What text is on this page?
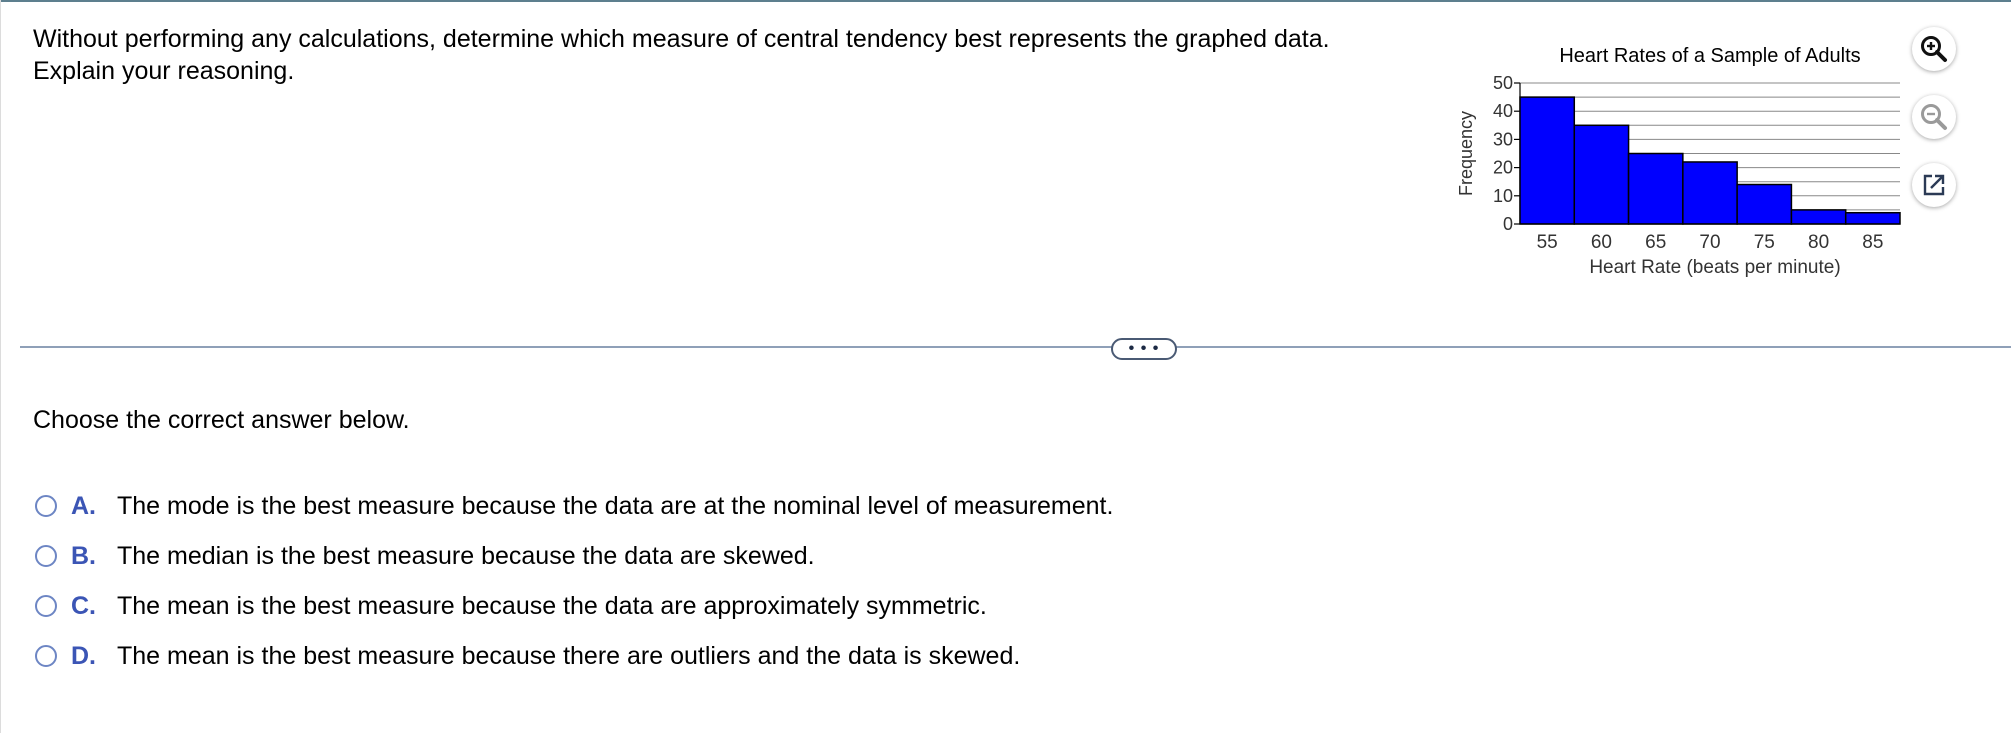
Without performing any calculations, determine which measure of central tendency best represents the graphed data.
Explain your reasoning.
Heart Rates of a Sample of Adults
0
10
20
30
40
50
55 60 65 70 75 80 85
Heart Rate (beats per minute)
Frequency
• • •
Choose the correct answer below.
A. The mode is the best measure because the data are at the nominal level of measurement.
B. The median is the best measure because the data are skewed.
C. The mean is the best measure because the data are approximately symmetric.
D. The mean is the best measure because there are outliers and the data is skewed.
